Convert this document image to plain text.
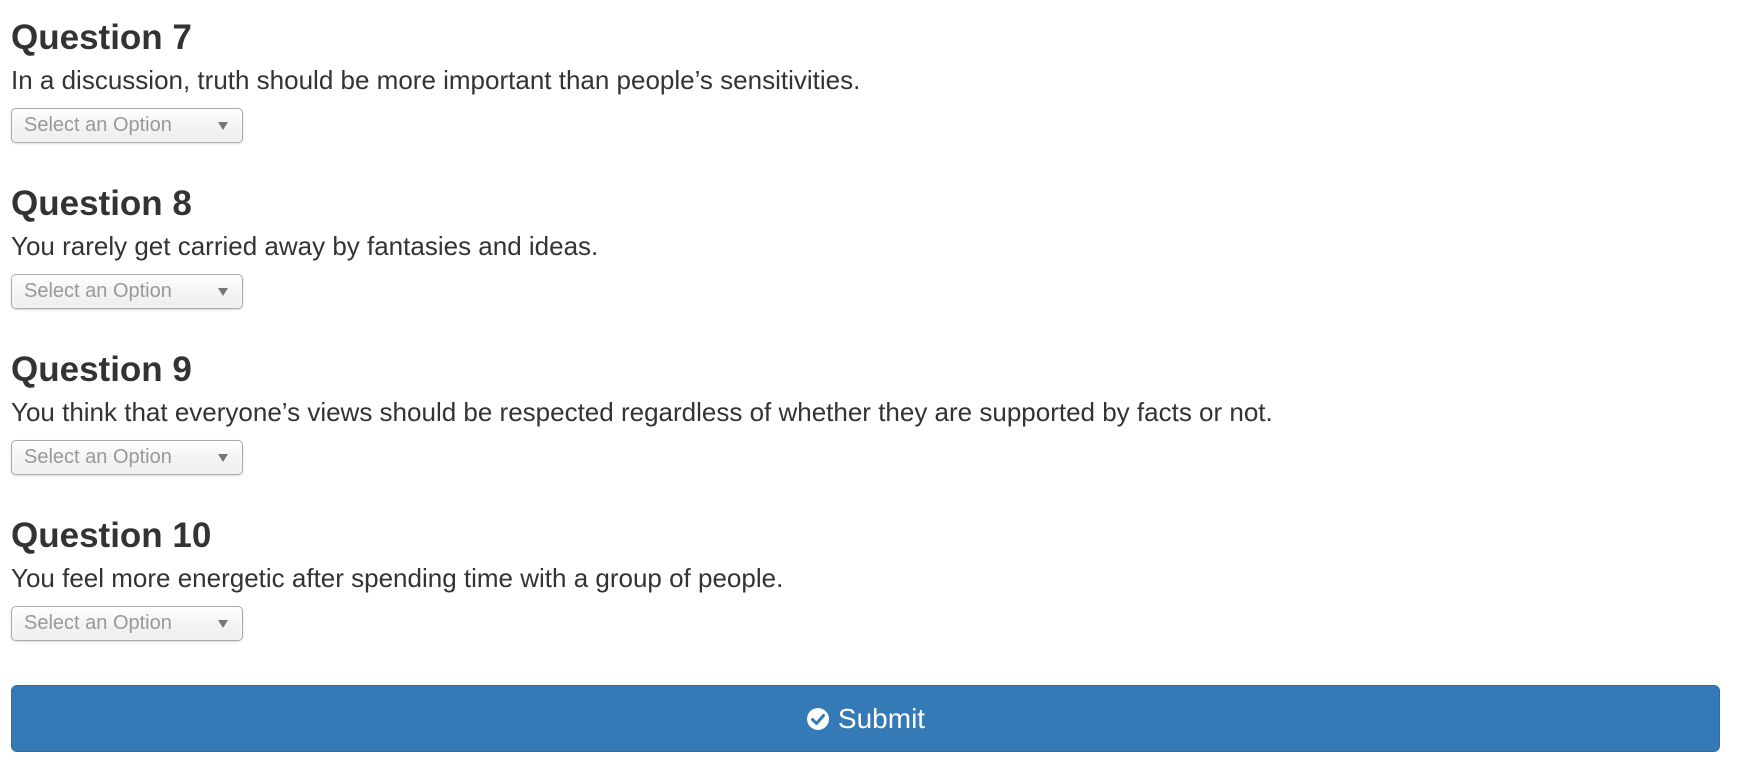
Question 7

In a discussion, truth should be more important than people’s sensitivities.

Select an Option
Question 8

You rarely get carried away by fantasies and ideas.

Select an Option
Question 9

You think that everyone’s views should be respected regardless of whether they are supported by facts or not.

Select an Option
Question 10

You feel more energetic after spending time with a group of people.

Select an Option
Submit
